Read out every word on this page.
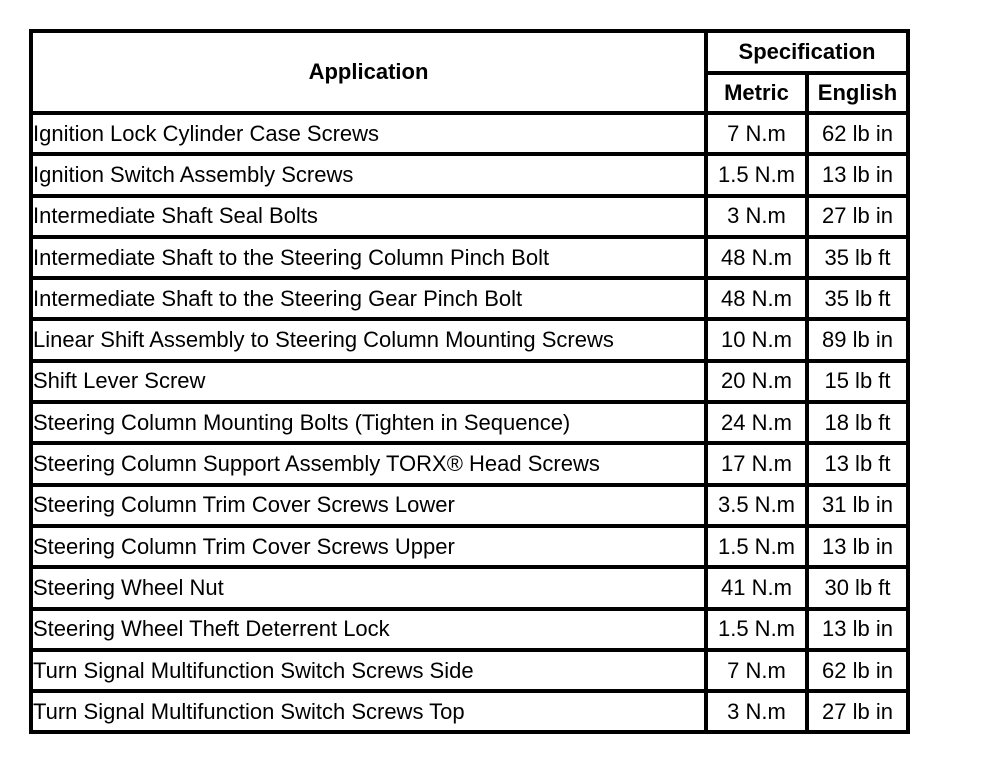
Application	Specification	
	Metric	English
Ignition Lock Cylinder Case Screws	7 N.m	62 lb in
Ignition Switch Assembly Screws	1.5 N.m	13 lb in
Intermediate Shaft Seal Bolts	3 N.m	27 lb in
Intermediate Shaft to the Steering Column Pinch Bolt	48 N.m	35 lb ft
Intermediate Shaft to the Steering Gear Pinch Bolt	48 N.m	35 lb ft
Linear Shift Assembly to Steering Column Mounting Screws	10 N.m	89 lb in
Shift Lever Screw	20 N.m	15 lb ft
Steering Column Mounting Bolts (Tighten in Sequence)	24 N.m	18 lb ft
Steering Column Support Assembly TORX® Head Screws	17 N.m	13 lb ft
Steering Column Trim Cover Screws Lower	3.5 N.m	31 lb in
Steering Column Trim Cover Screws Upper	1.5 N.m	13 lb in
Steering Wheel Nut	41 N.m	30 lb ft
Steering Wheel Theft Deterrent Lock	1.5 N.m	13 lb in
Turn Signal Multifunction Switch Screws Side	7 N.m	62 lb in
Turn Signal Multifunction Switch Screws Top	3 N.m	27 lb in
